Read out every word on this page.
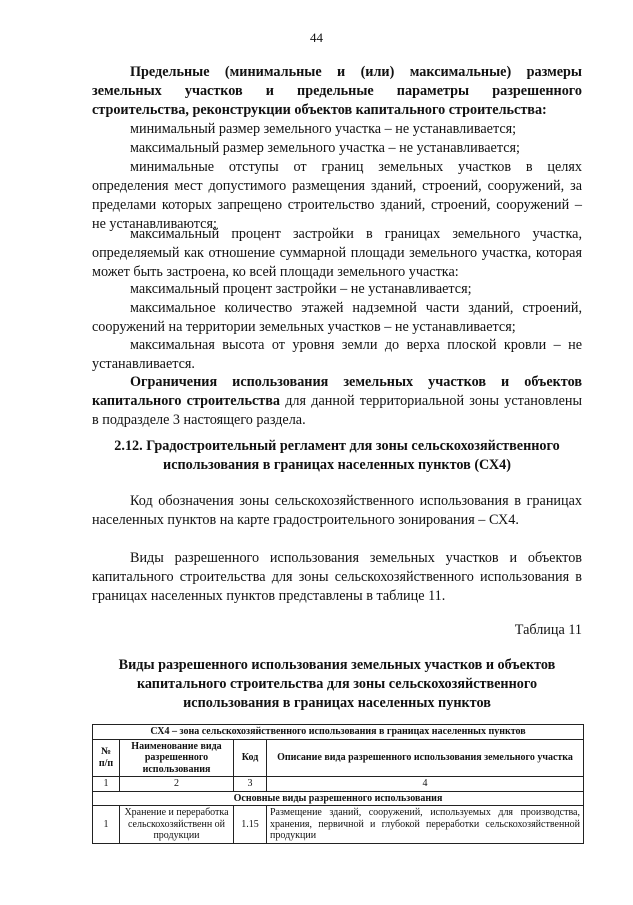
44
Предельные (минимальные и (или) максимальные) размеры земельных участков и предельные параметры разрешенного строительства, реконструкции объектов капитального строительства:
минимальный размер земельного участка – не устанавливается;
максимальный размер земельного участка – не устанавливается;
минимальные отступы от границ земельных участков в целях определения мест допустимого размещения зданий, строений, сооружений, за пределами которых запрещено строительство зданий, строений, сооружений – не устанавливаются;
максимальный процент застройки в границах земельного участка, определяемый как отношение суммарной площади земельного участка, которая может быть застроена, ко всей площади земельного участка:
максимальный процент застройки – не устанавливается;
максимальное количество этажей надземной части зданий, строений, сооружений на территории земельных участков – не устанавливается;
максимальная высота от уровня земли до верха плоской кровли – не устанавливается.
Ограничения использования земельных участков и объектов капитального строительства для данной территориальной зоны установлены в подразделе 3 настоящего раздела.
2.12. Градостроительный регламент для зоны сельскохозяйственного использования в границах населенных пунктов (СХ4)
Код обозначения зоны сельскохозяйственного использования в границах населенных пунктов на карте градостроительного зонирования – СХ4.
Виды разрешенного использования земельных участков и объектов капитального строительства для зоны сельскохозяйственного использования в границах населенных пунктов представлены в таблице 11.
Таблица 11
Виды разрешенного использования земельных участков и объектов капитального строительства для зоны сельскохозяйственного использования в границах населенных пунктов
СХ4 – зона сельскохозяйственного использования в границах населенных пунктов			
№ п/п	Наименование вида разрешенного использования	Код	Описание вида разрешенного использования земельного участка
1	2	3	4
Основные виды разрешенного использования			
1	Хранение и переработка сельскохозяйственн ой продукции	1.15	Размещение зданий, сооружений, используемых для производства, хранения, первичной и глубокой переработки сельскохозяйственной продукции
